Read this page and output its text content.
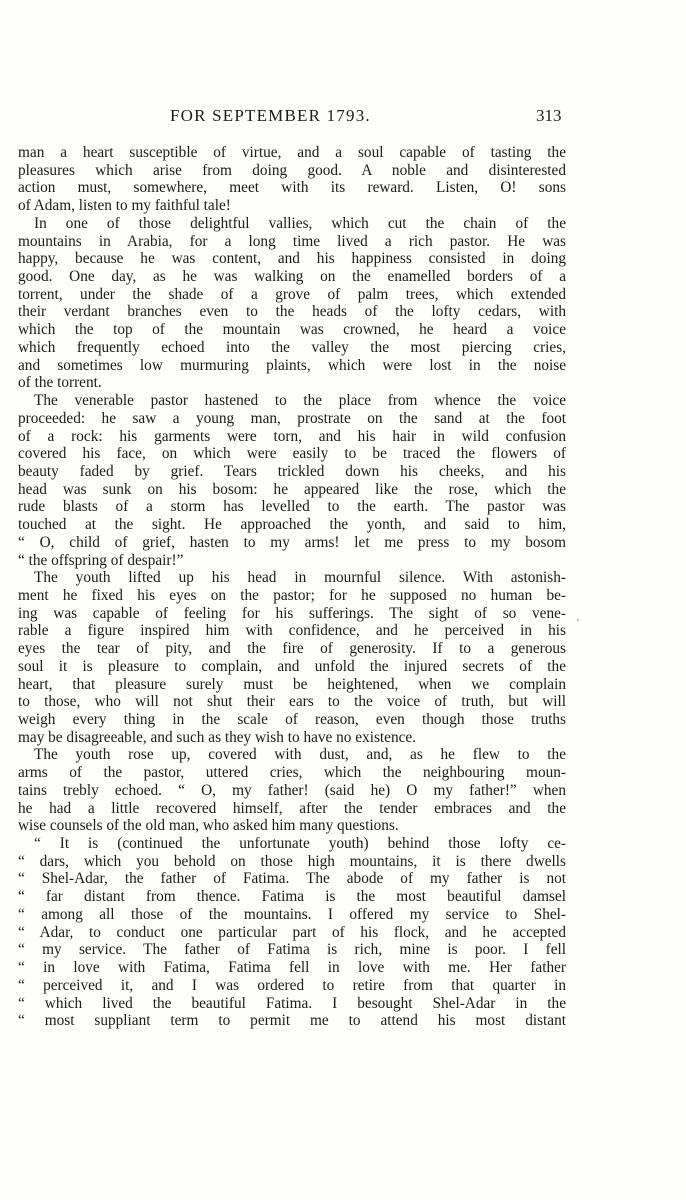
FOR SEPTEMBER 1793.	313
man a heart susceptible of virtue, and a soul capable of tasting the
pleasures which arise from doing good. A noble and disinterested
action must, somewhere, meet with its reward. Listen, O! sons
of Adam, listen to my faithful tale!
In one of those delightful vallies, which cut the chain of the
mountains in Arabia, for a long time lived a rich pastor. He was
happy, because he was content, and his happiness consisted in doing
good. One day, as he was walking on the enamelled borders of a
torrent, under the shade of a grove of palm trees, which extended
their verdant branches even to the heads of the lofty cedars, with
which the top of the mountain was crowned, he heard a voice
which frequently echoed into the valley the most piercing cries,
and sometimes low murmuring plaints, which were lost in the noise
of the torrent.
The venerable pastor hastened to the place from whence the voice
proceeded: he saw a young man, prostrate on the sand at the foot
of a rock: his garments were torn, and his hair in wild confusion
covered his face, on which were easily to be traced the flowers of
beauty faded by grief. Tears trickled down his cheeks, and his
head was sunk on his bosom: he appeared like the rose, which the
rude blasts of a storm has levelled to the earth. The pastor was
touched at the sight. He approached the yonth, and said to him,
“ O, child of grief, hasten to my arms! let me press to my bosom
“ the offspring of despair!”
The youth lifted up his head in mournful silence. With astonish-
ment he fixed his eyes on the pastor; for he supposed no human be-
ing was capable of feeling for his sufferings. The sight of so vene-
rable a figure inspired him with confidence, and he perceived in his
eyes the tear of pity, and the fire of generosity. If to a generous
soul it is pleasure to complain, and unfold the injured secrets of the
heart, that pleasure surely must be heightened, when we complain
to those, who will not shut their ears to the voice of truth, but will
weigh every thing in the scale of reason, even though those truths
may be disagreeable, and such as they wish to have no existence.
The youth rose up, covered with dust, and, as he flew to the
arms of the pastor, uttered cries, which the neighbouring moun-
tains trebly echoed. “ O, my father! (said he) O my father!” when
he had a little recovered himself, after the tender embraces and the
wise counsels of the old man, who asked him many questions.
“ It is (continued the unfortunate youth) behind those lofty ce-
“ dars, which you behold on those high mountains, it is there dwells
“ Shel-Adar, the father of Fatima. The abode of my father is not
“ far distant from thence. Fatima is the most beautiful damsel
“ among all those of the mountains. I offered my service to Shel-
“ Adar, to conduct one particular part of his flock, and he accepted
“ my service. The father of Fatima is rich, mine is poor. I fell
“ in love with Fatima, Fatima fell in love with me. Her father
“ perceived it, and I was ordered to retire from that quarter in
“ which lived the beautiful Fatima. I besought Shel-Adar in the
“ most suppliant term to permit me to attend his most distant
'
